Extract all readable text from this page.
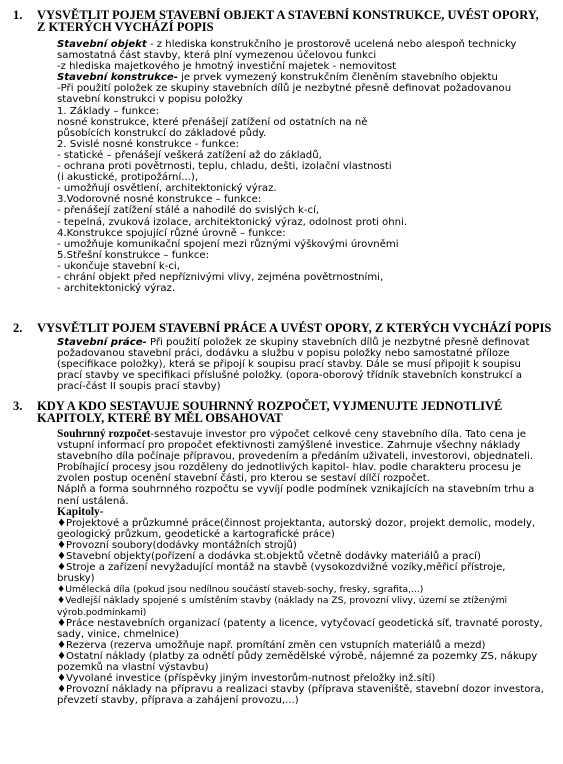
1. VYSVĚTLIT POJEM STAVEBNÍ OBJEKT A STAVEBNÍ KONSTRUKCE, UVÉST OPORY,
Z KTERÝCH VYCHÁZÍ POPIS
Stavební objekt - z hlediska konstrukčního je prostorově ucelená nebo alespoň technicky
samostatná část stavby, která plní vymezenou účelovou funkci
-z hlediska majetkového je hmotný investiční majetek - nemovitost
Stavební konstrukce- je prvek vymezený konstrukčním členěním stavebního objektu
-Při použití položek ze skupiny stavebních dílů je nezbytné přesně definovat požadovanou
stavební konstrukci v popisu položky
1. Základy – funkce:
nosné konstrukce, které přenášejí zatížení od ostatních na ně
působících konstrukcí do základové půdy.
2. Svislé nosné konstrukce - funkce:
- statické – přenášejí veškerá zatížení až do základů,
- ochrana proti povětrnosti, teplu, chladu, dešti, izolační vlastnosti
(i akustické, protipožární...),
- umožňují osvětlení, architektonický výraz.
3.Vodorovné nosné konstrukce – funkce:
- přenášejí zatížení stálé a nahodilé do svislých k-cí,
- tepelná, zvuková izolace, architektonický výraz, odolnost proti ohni.
4.Konstrukce spojující různé úrovně – funkce:
- umožňuje komunikační spojení mezi různými výškovými úrovněmi
5.Střešní konstrukce – funkce:
- ukončuje stavební k-ci,
- chrání objekt před nepříznivými vlivy, zejména povětrnostními,
- architektonický výraz.
2. VYSVĚTLIT POJEM STAVEBNÍ PRÁCE A UVÉST OPORY, Z KTERÝCH VYCHÁZÍ POPIS
Stavební práce- Při použití položek ze skupiny stavebních dílů je nezbytné přesně definovat
požadovanou stavební práci, dodávku a službu v popisu položky nebo samostatné příloze
(specifikace položky), která se připojí k soupisu prací stavby. Dále se musí připojit k soupisu
prací stavby ve specifikaci příslušné položky. (opora-oborový třídník stavebních konstrukcí a
prací-část II soupis prací stavby)
3. KDY A KDO SESTAVUJE SOUHRNNÝ ROZPOČET, VYJMENUJTE JEDNOTLIVÉ
KAPITOLY, KTERÉ BY MĚL OBSAHOVAT
Souhrnný rozpočet-sestavuje investor pro výpočet celkové ceny stavebního díla. Tato cena je
vstupní informací pro propočet efektivnosti zamýšlené investice. Zahrnuje všechny náklady
stavebního díla počínaje přípravou, provedením a předáním uživateli, investorovi, objednateli.
Probíhající procesy jsou rozděleny do jednotlivých kapitol- hlav. podle charakteru procesu je
zvolen postup ocenění stavební části, pro kterou se sestaví dílčí rozpočet.
Náplň a forma souhrnného rozpočtu se vyvíjí podle podmínek vznikajících na stavebním trhu a
není ustálená.
Kapitoly-
♦Projektové a průzkumné práce(činnost projektanta, autorský dozor, projekt demolic, modely,
geologický průzkum, geodetické a kartografické práce)
♦Provozní soubory(dodávky montážních strojů)
♦Stavební objekty(pořízení a dodávka st.objektů včetně dodávky materiálů a prací)
♦Stroje a zařízení nevyžadující montáž na stavbě (vysokozdvižné vozíky,měřicí přístroje,
brusky)
♦Umělecká díla (pokud jsou nedílnou součástí staveb-sochy, fresky, sgrafita,...)
♦Vedlejší náklady spojené s umístěním stavby (náklady na ZS, provozní vlivy, území se ztíženými
výrob.podmínkami)
♦Práce nestavebních organizací (patenty a licence, vytyčovací geodetická síť, travnaté porosty,
sady, vinice, chmelnice)
♦Rezerva (rezerva umožňuje např. promítání změn cen vstupních materiálů a mezd)
♦Ostatní náklady (platby za odnětí půdy zemědělské výrobě, nájemné za pozemky ZS, nákupy
pozemků na vlastní výstavbu)
♦Vyvolané investice (příspěvky jiným investorům-nutnost přeložky inž.sítí)
♦Provozní náklady na přípravu a realizaci stavby (příprava staveniště, stavební dozor investora,
převzetí stavby, příprava a zahájení provozu,...)
